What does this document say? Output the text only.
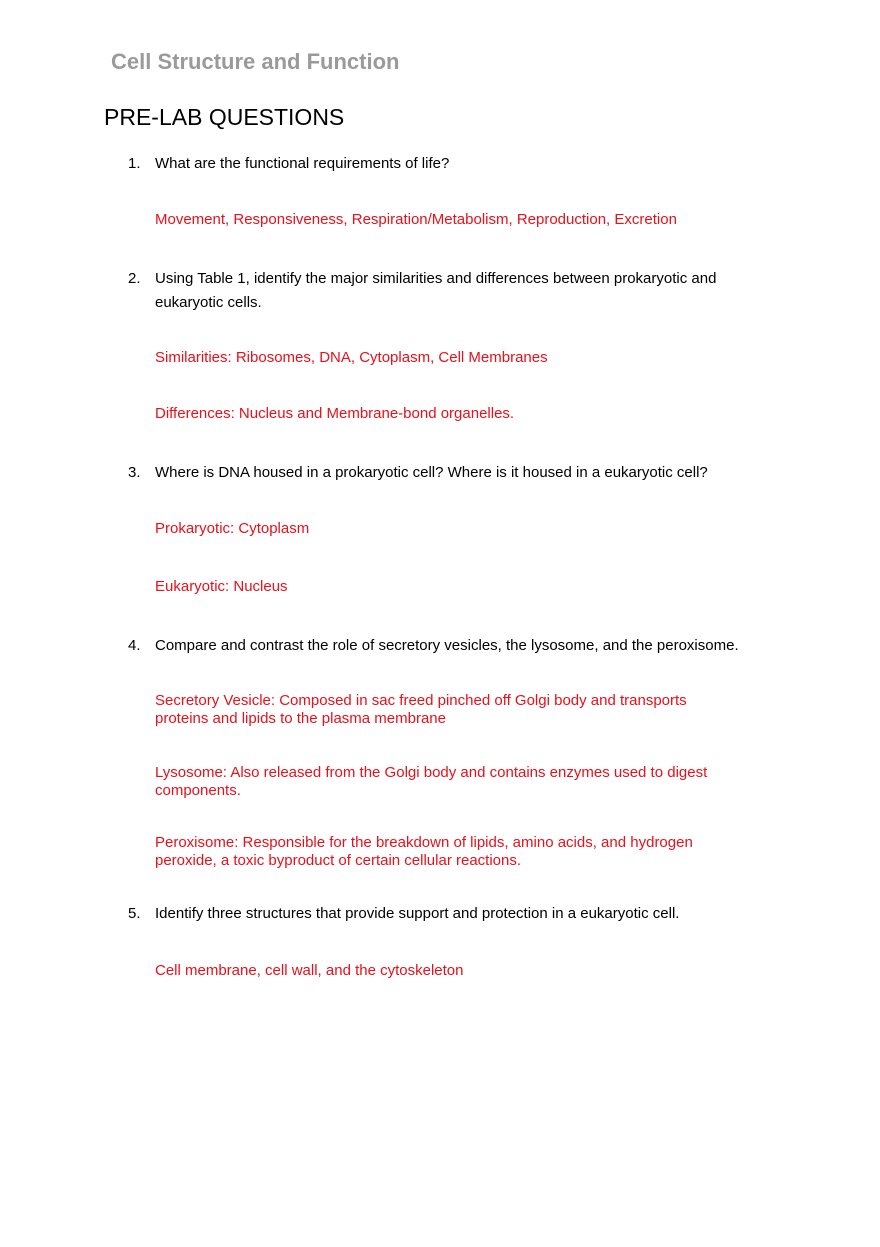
Cell Structure and Function
PRE-LAB QUESTIONS
1. What are the functional requirements of life?
Movement, Responsiveness, Respiration/Metabolism, Reproduction, Excretion
2. Using Table 1, identify the major similarities and differences between prokaryotic and eukaryotic cells.
Similarities: Ribosomes, DNA, Cytoplasm, Cell Membranes
Differences: Nucleus and Membrane-bond organelles.
3. Where is DNA housed in a prokaryotic cell? Where is it housed in a eukaryotic cell?
Prokaryotic: Cytoplasm
Eukaryotic: Nucleus
4. Compare and contrast the role of secretory vesicles, the lysosome, and the peroxisome.
Secretory Vesicle: Composed in sac freed pinched off Golgi body and transports proteins and lipids to the plasma membrane
Lysosome: Also released from the Golgi body and contains enzymes used to digest components.
Peroxisome: Responsible for the breakdown of lipids, amino acids, and hydrogen peroxide, a toxic byproduct of certain cellular reactions.
5. Identify three structures that provide support and protection in a eukaryotic cell.
Cell membrane, cell wall, and the cytoskeleton
